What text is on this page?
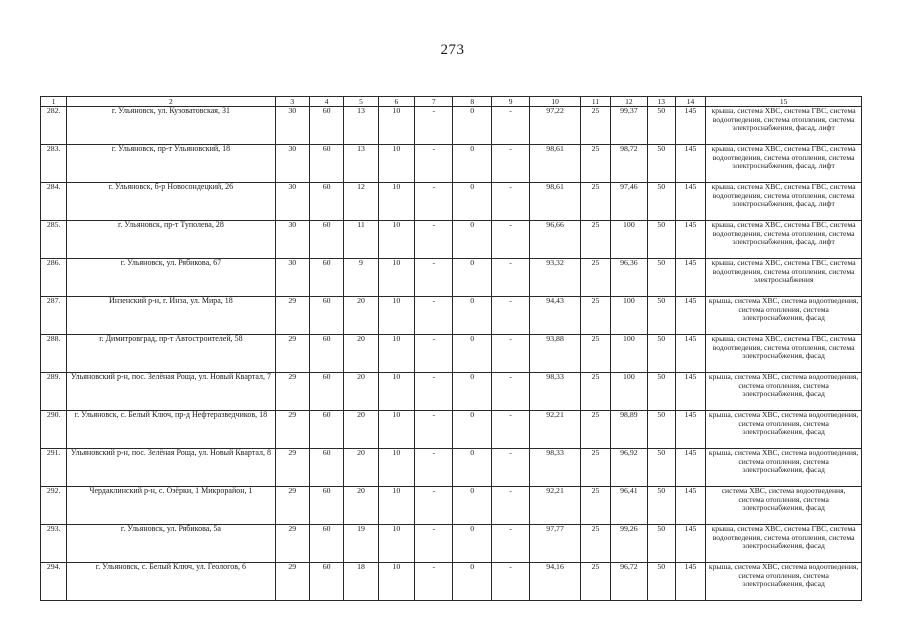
273
1	2	3	4	5	6	7	8	9	10	11	12	13	14	15
282.	г. Ульяновск, ул. Кузоватовская, 31	30	60	13	10	-	0	-	97,22	25	99,37	50	145	крыша, система ХВС, система ГВС, система водоотведения, система отопления, система электроснабжения, фасад, лифт
283.	г. Ульяновск, пр-т Ульяновский, 18	30	60	13	10	-	0	-	98,61	25	98,72	50	145	крыша, система ХВС, система ГВС, система водоотведения, система отопления, система электроснабжения, фасад, лифт
284.	г. Ульяновск, б-р Новосондецкий, 26	30	60	12	10	-	0	-	98,61	25	97,46	50	145	крыша, система ХВС, система ГВС, система водоотведения, система отопления, система электроснабжения, фасад, лифт
285.	г. Ульяновск, пр-т Туполева, 28	30	60	11	10	-	0	-	96,66	25	100	50	145	крыша, система ХВС, система ГВС, система водоотведения, система отопления, система электроснабжения, фасад, лифт
286.	г. Ульяновск, ул. Рябикова, 67	30	60	9	10	-	0	-	93,32	25	96,36	50	145	крыша, система ХВС, система ГВС, система водоотведения, система отопления, система электроснабжения
287.	Инзенский р-н, г. Инза, ул. Мира, 18	29	60	20	10	-	0	-	94,43	25	100	50	145	крыша, система ХВС, система водоотведения, система отопления, система электроснабжения, фасад
288.	г. Димитровград, пр-т Автостроителей, 58	29	60	20	10	-	0	-	93,88	25	100	50	145	крыша, система ХВС, система ГВС, система водоотведения, система отопления, система электроснабжения, фасад
289.	Ульяновский р-н, пос. Зелёная Роща, ул. Новый Квартал, 7	29	60	20	10	-	0	-	98,33	25	100	50	145	крыша, система ХВС, система водоотведения, система отопления, система электроснабжения, фасад
290.	г. Ульяновск, с. Белый Ключ, пр-д Нефтеразведчиков, 18	29	60	20	10	-	0	-	92,21	25	98,89	50	145	крыша, система ХВС, система водоотведения, система отопления, система электроснабжения, фасад
291.	Ульяновский р-н, пос. Зелёная Роща, ул. Новый Квартал, 8	29	60	20	10	-	0	-	98,33	25	96,92	50	145	крыша, система ХВС, система водоотведения, система отопления, система электроснабжения, фасад
292.	Чердаклинский р-н, с. Озёрки, 1 Микрорайон, 1	29	60	20	10	-	0	-	92,21	25	96,41	50	145	система ХВС, система водоотведения, система отопления, система электроснабжения, фасад
293.	г. Ульяновск, ул. Рябикова, 5а	29	60	19	10	-	0	-	97,77	25	99,26	50	145	крыша, система ХВС, система ГВС, система водоотведения, система отопления, система электроснабжения, фасад
294.	г. Ульяновск, с. Белый Ключ, ул. Геологов, 6	29	60	18	10	-	0	-	94,16	25	96,72	50	145	крыша, система ХВС, система водоотведения, система отопления, система электроснабжения, фасад
